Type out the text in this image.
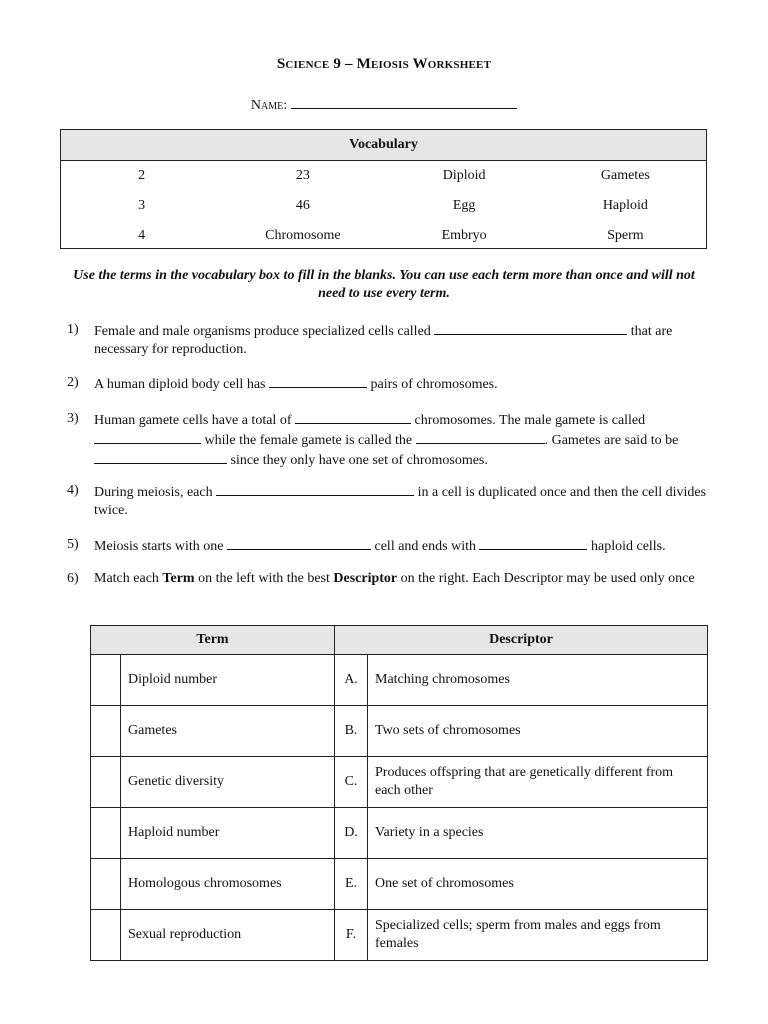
Science 9 – Meiosis Worksheet
Name:
Vocabulary
2	23	Diploid	Gametes
3	46	Egg	Haploid
4	Chromosome	Embryo	Sperm
Use the terms in the vocabulary box to fill in the blanks. You can use each term more than once and will not need to use every term.
1)	Female and male organisms produce specialized cells called	that are necessary for reproduction.
2)	A human diploid body cell has	pairs of chromosomes.
3)	Human gamete cells have a total of	chromosomes. The male gamete is called  while the female gamete is called the	. Gametes are said to be  since they only have one set of chromosomes.
4)	During meiosis, each	in a cell is duplicated once and then the cell divides twice.
5)	Meiosis starts with one	cell and ends with	haploid cells.
6)	Match each Term on the left with the best Descriptor on the right. Each Descriptor may be used only once
Term		Descriptor	
	Diploid number	A.	Matching chromosomes
	Gametes	B.	Two sets of chromosomes
	Genetic diversity	C.	Produces offspring that are genetically different from each other
	Haploid number	D.	Variety in a species
	Homologous chromosomes	E.	One set of chromosomes
	Sexual reproduction	F.	Specialized cells; sperm from males and eggs from females
